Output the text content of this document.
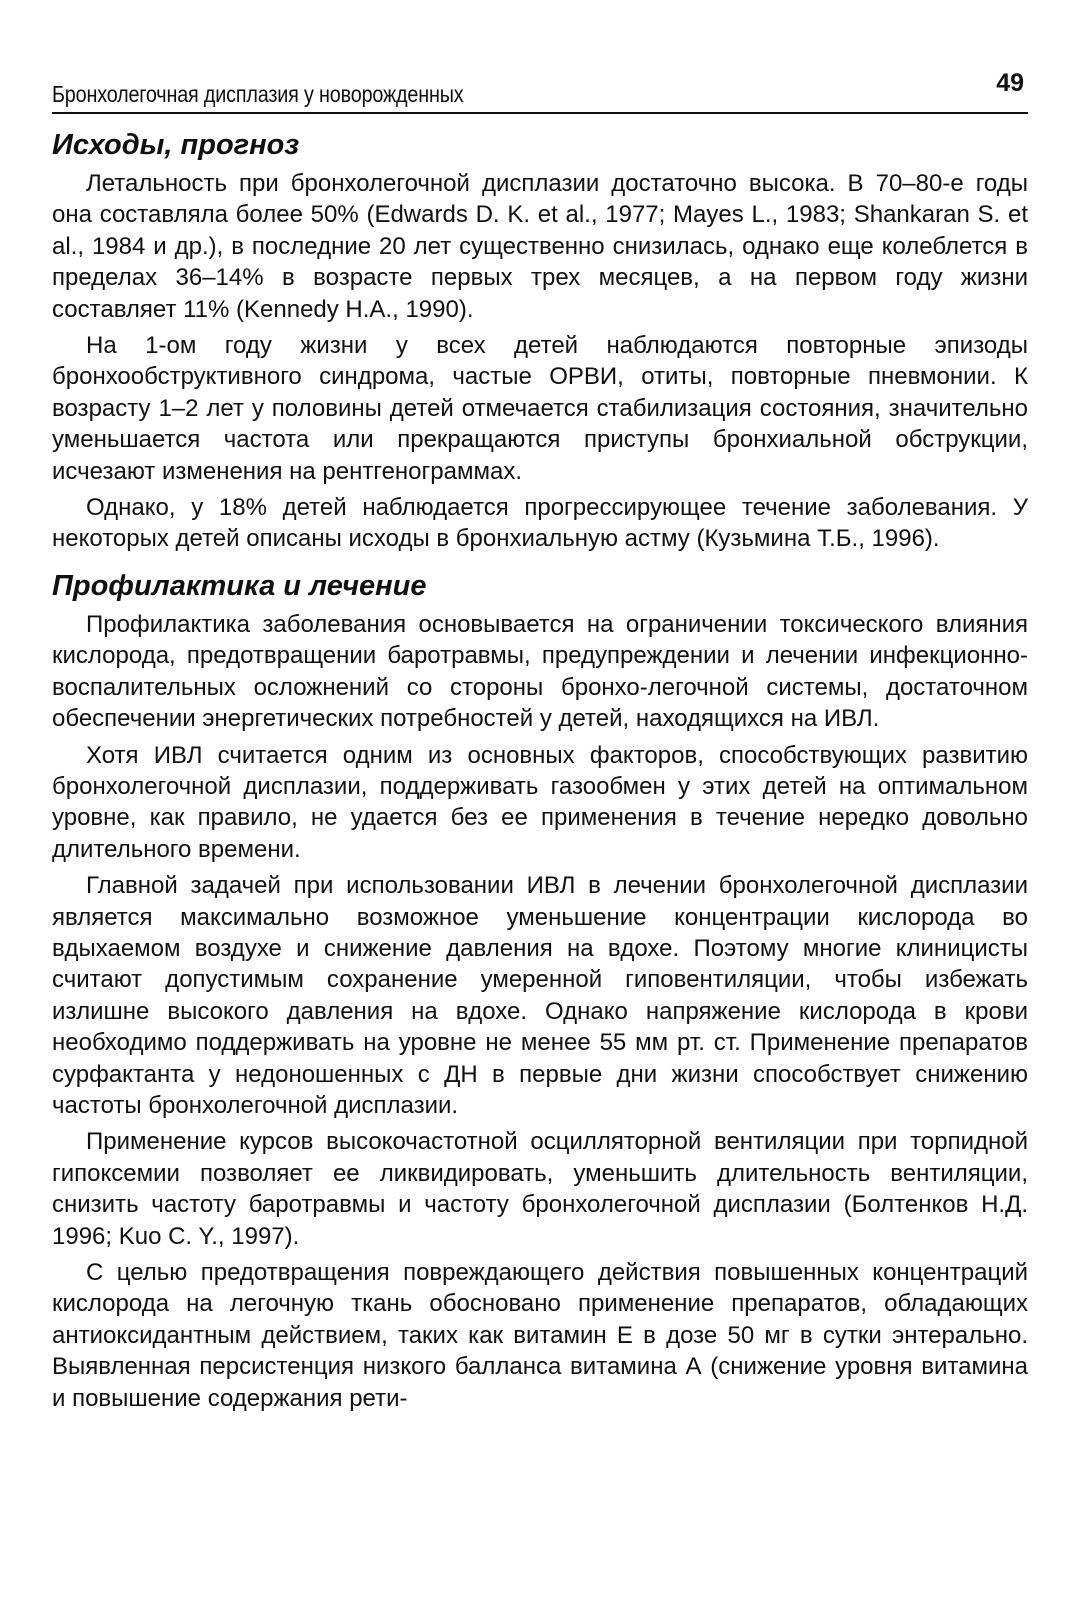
Бронхолегочная дисплазия у новорожденных	49
Исходы, прогноз

Летальность при бронхолегочной дисплазии достаточно высока. В 70–80-е годы она составляла более 50% (Edwards D. K. et al., 1977; Mayes L., 1983; Shankaran S. et al., 1984 и др.), в последние 20 лет существенно снизилась, однако еще колеблется в пределах 36–14% в возрасте первых трех месяцев, а на первом году жизни составляет 11% (Kennedy H.A., 1990).

На 1-ом году жизни у всех детей наблюдаются повторные эпизоды бронхообструктивного синдрома, частые ОРВИ, отиты, повторные пневмонии. К возрасту 1–2 лет у половины детей отмечается стабилизация состояния, значительно уменьшается частота или прекращаются приступы бронхиальной обструкции, исчезают изменения на рентгенограммах.

Однако, у 18% детей наблюдается прогрессирующее течение заболевания. У некоторых детей описаны исходы в бронхиальную астму (Кузьмина Т.Б., 1996).

Профилактика и лечение

Профилактика заболевания основывается на ограничении токсического влияния кислорода, предотвращении баротравмы, предупреждении и лечении инфекционно-воспалительных осложнений со стороны бронхо-легочной системы, достаточном обеспечении энергетических потребностей у детей, находящихся на ИВЛ.

Хотя ИВЛ считается одним из основных факторов, способствующих развитию бронхолегочной дисплазии, поддерживать газообмен у этих детей на оптимальном уровне, как правило, не удается без ее применения в течение нередко довольно длительного времени.

Главной задачей при использовании ИВЛ в лечении бронхолегочной дисплазии является максимально возможное уменьшение концентрации кислорода во вдыхаемом воздухе и снижение давления на вдохе. Поэтому многие клиницисты считают допустимым сохранение умеренной гиповентиляции, чтобы избежать излишне высокого давления на вдохе. Однако напряжение кислорода в крови необходимо поддерживать на уровне не менее 55 мм рт. ст. Применение препаратов сурфактанта у недоношенных с ДН в первые дни жизни способствует снижению частоты бронхолегочной дисплазии.

Применение курсов высокочастотной осцилляторной вентиляции при торпидной гипоксемии позволяет ее ликвидировать, уменьшить длительность вентиляции, снизить частоту баротравмы и частоту бронхолегочной дисплазии (Болтенков Н.Д. 1996; Kuo C. Y., 1997).

С целью предотвращения повреждающего действия повышенных концентраций кислорода на легочную ткань обосновано применение препаратов, обладающих антиоксидантным действием, таких как витамин Е в дозе 50 мг в сутки энтерально. Выявленная персистенция низкого балланса витамина А (снижение уровня витамина и повышение содержания рети-
